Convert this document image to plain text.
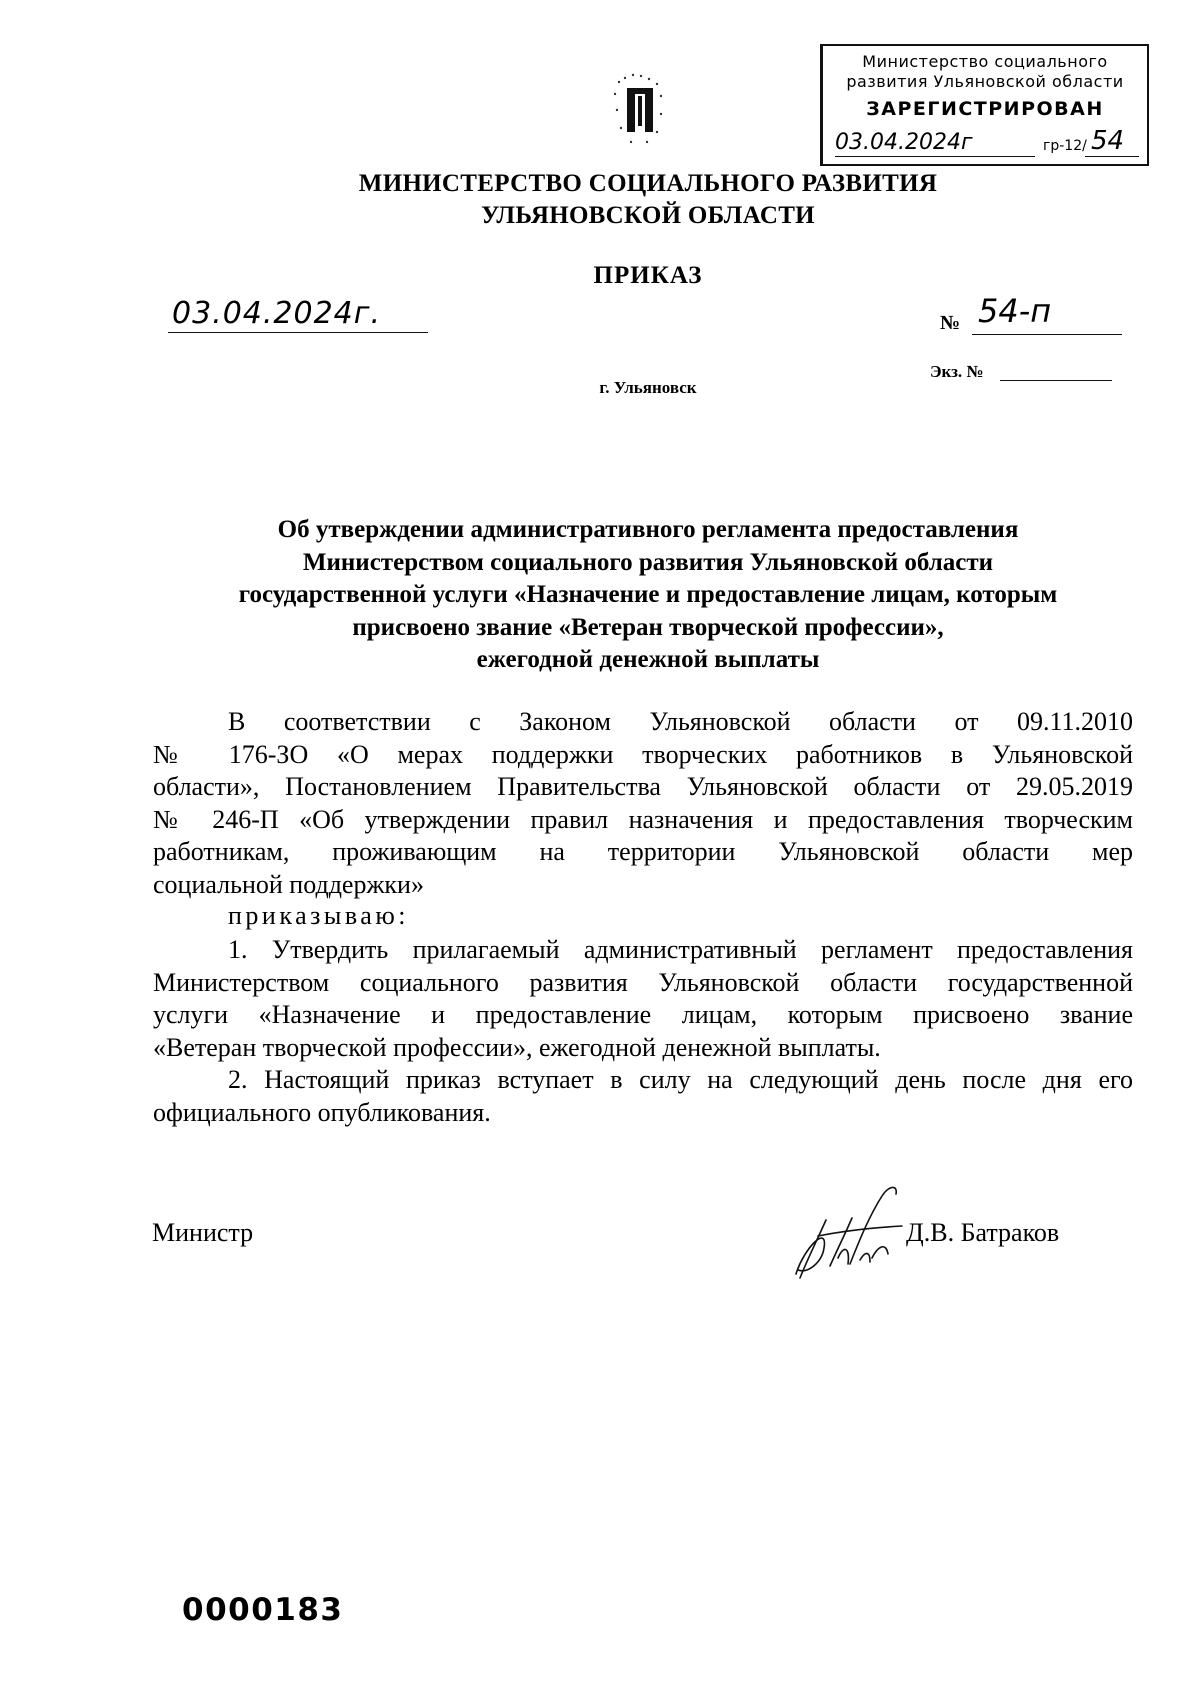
Министерство социального
развития Ульяновской области
ЗАРЕГИСТРИРОВАН
03.04.2024г	гр-12/ 54
МИНИСТЕРСТВО СОЦИАЛЬНОГО РАЗВИТИЯ
УЛЬЯНОВСКОЙ ОБЛАСТИ
ПРИКАЗ
03.04.2024г.	№ 54-п
Экз. №
г. Ульяновск
Об утверждении административного регламента предоставления
Министерством социального развития Ульяновской области
государственной услуги «Назначение и предоставление лицам, которым
присвоено звание «Ветеран творческой профессии»,
ежегодной денежной выплаты
В соответствии с Законом Ульяновской области от 09.11.2010
№ 176-ЗО «О мерах поддержки творческих работников в Ульяновской
области», Постановлением Правительства Ульяновской области от 29.05.2019
№ 246-П «Об утверждении правил назначения и предоставления творческим
работникам, проживающим на территории Ульяновской области мер
социальной поддержки»
приказываю:
1. Утвердить прилагаемый административный регламент предоставления
Министерством социального развития Ульяновской области государственной
услуги «Назначение и предоставление лицам, которым присвоено звание
«Ветеран творческой профессии», ежегодной денежной выплаты.
2. Настоящий приказ вступает в силу на следующий день после дня его
официального опубликования.
Министр	Д.В. Батраков
0000183
